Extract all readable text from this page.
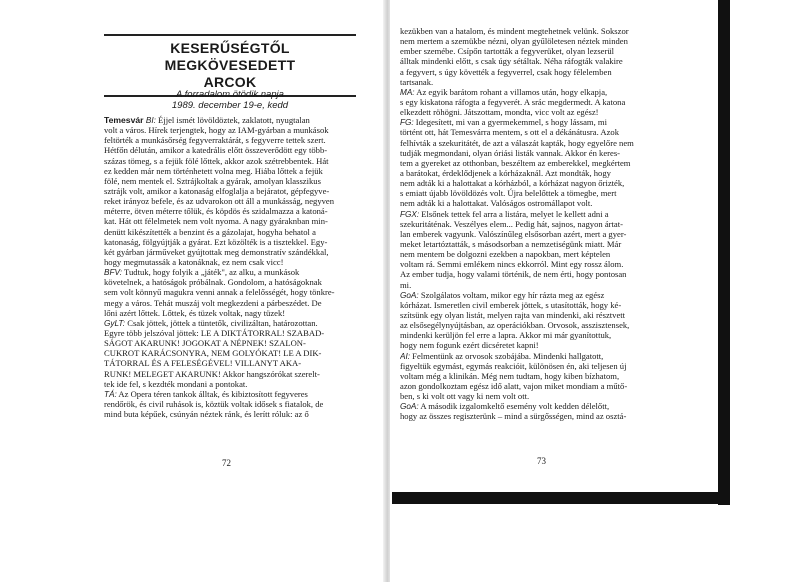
KESERŰSÉGTŐL MEGKÖVESEDETT
ARCOK
A forradalom ötödik napja
1989. december 19-e, kedd
Temesvár BI: Éjjel ismét lövöldöztek, zaklatott, nyugtalan
volt a város. Hírek terjengtek, hogy az IAM-gyárban a munkások
feltörték a munkásőrség fegyverraktárát, s fegyverre tettek szert.
Hétfőn délután, amikor a katedrális előtt összeverődött egy több-
százas tömeg, s a fejük fölé lőttek, akkor azok szétrebbentek. Hát
ez kedden már nem történhetett volna meg. Hiába lőttek a fejük
fölé, nem mentek el. Sztrájkoltak a gyárak, amolyan klasszikus
sztrájk volt, amikor a katonaság elfoglalja a bejáratot, gépfegyve-
reket irányoz befele, és az udvarokon ott áll a munkásság, negyven
méterre, ötven méterre tőlük, és köpdös és szidalmazza a katoná-
kat. Hát ott félelmetek nem volt nyoma. A nagy gyáraknban min-
denütt kikészítették a benzint és a gázolajat, hogyha behatol a
katonaság, fölgyújtják a gyárat. Ezt közölték is a tisztekkel. Egy-
két gyárban járműveket gyújtottak meg demonstratív szándékkal,
hogy megmutassák a katonáknak, ez nem csak vicc!
BFV: Tudtuk, hogy folyik a „játék", az alku, a munkások
követelnek, a hatóságok próbálnak. Gondolom, a hatóságoknak
sem volt könnyű magukra venni annak a felelősségét, hogy tönkre-
megy a város. Tehát muszáj volt megkezdeni a párbeszédet. De
lőni azért lőttek. Lőttek, és tüzek voltak, nagy tüzek!
GyLT: Csak jöttek, jöttek a tüntetők, civilizáltan, határozottan.
Egyre több jelszóval jöttek: LE A DIKTÁTORRAL! SZABAD-
SÁGOT AKARUNK! JOGOKAT A NÉPNEK! SZALON-
CUKROT KARÁCSONYRA, NEM GOLYÓKAT! LE A DIK-
TÁTORRAL ÉS A FELESÉGÉVEL! VILLANYT AKA-
RUNK! MELEGET AKARUNK! Akkor hangszórókat szerelt-
tek ide fel, s kezdték mondani a pontokat.
TÁ: Az Opera téren tankok álltak, és kibiztosított fegyveres
rendőrök, és civil ruhások is, köztük voltak idősek s fiatalok, de
mind buta képűek, csúnyán néztek ránk, és lerítt róluk: az ő
72
kezükben van a hatalom, és mindent megtehetnek velünk. Sokszor
nem mertem a szemükbe nézni, olyan gyűlöletesen néztek minden
ember szemébe. Csípőn tartották a fegyverüket, olyan lezserül
álltak mindenki előtt, s csak úgy sétáltak. Néha ráfogták valakire
a fegyvert, s úgy követték a fegyverrel, csak hogy félelemben
tartsanak.
MA: Az egyik barátom rohant a villamos után, hogy elkapja,
s egy kiskatona ráfogta a fegyverét. A srác megdermedt. A katona
elkezdett röhögni. Játszottam, mondta, vicc volt az egész!
FG: Idegesített, mi van a gyermekemmel, s hogy lássam, mi
történt ott, hát Temesvárra mentem, s ott el a dékánátusra. Azok
felhívták a szekuritátét, de azt a válaszát kapták, hogy egyelőre nem
tudják megmondani, olyan óriási listák vannak. Akkor én keres-
tem a gyereket az otthonban, beszéltem az emberekkel, megkértem
a barátokat, érdeklődjenek a kórházaknál. Azt mondták, hogy
nem adták ki a halottakat a kórházból, a kórházat nagyon őrizték,
s emiatt újabb lövöldözés volt. Újra belelőttek a tömegbe, mert
nem adták ki a halottakat. Valóságos ostromállapot volt.
FGX: Elsőnek tettek fel arra a listára, melyet le kellett adni a
szekuritáténak. Veszélyes elem... Pedig hát, sajnos, nagyon ártat-
lan emberek vagyunk. Valószínűleg elsősorban azért, mert a gyer-
meket letartóztatták, s másodsorban a nemzetiségünk miatt. Már
nem mentem be dolgozni ezekben a napokban, mert képtelen
voltam rá. Semmi emlékem nincs ekkorról. Mint egy rossz álom.
Az ember tudja, hogy valami történik, de nem érti, hogy pontosan
mi.
GoA: Szolgálatos voltam, mikor egy hír rázta meg az egész
kórházat. Ismeretlen civil emberek jöttek, s utasították, hogy ké-
szítsünk egy olyan listát, melyen rajta van mindenki, aki résztvett
az elsősegélynyújtásban, az operációkban. Orvosok, asszisztensek,
mindenki kerüljön fel erre a lapra. Akkor mi már gyanítottuk,
hogy nem fogunk ezért dicséretet kapni!
AI: Felmentünk az orvosok szobájába. Mindenki hallgatott,
figyeltük egymást, egymás reakcióit, különösen én, aki teljesen új
voltam még a klinikán. Még nem tudtam, hogy kiben bízhatom,
azon gondolkoztam egész idő alatt, vajon miket mondiam a műtő-
ben, s ki volt ott vagy ki nem volt ott.
GoA: A második izgalomkeltő esemény volt kedden délelőtt,
hogy az összes regiszterünk – mind a sürgősségen, mind az osztá-
73
